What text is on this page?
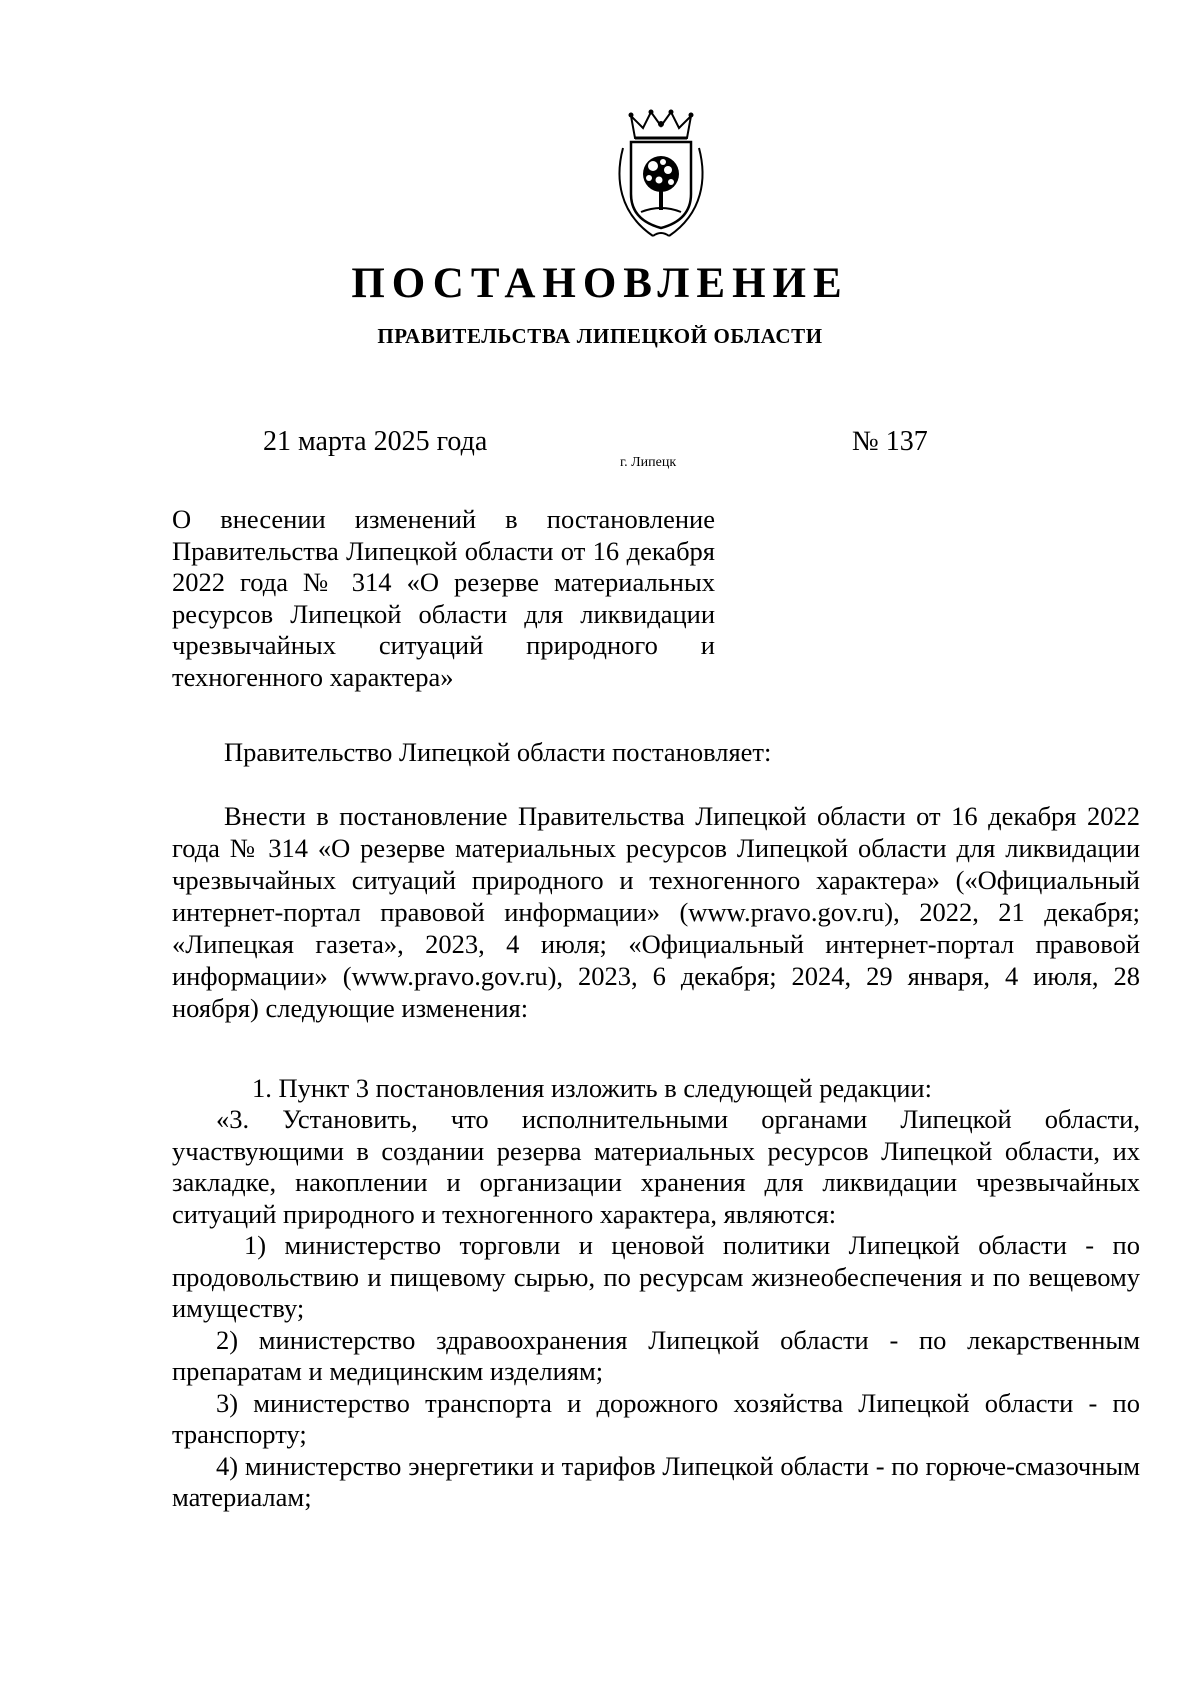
ПОСТАНОВЛЕНИЕ
ПРАВИТЕЛЬСТВА ЛИПЕЦКОЙ ОБЛАСТИ
21 марта 2025 года
г. Липецк
№ 137
О внесении изменений в постановление Правительства Липецкой области от 16 декабря 2022 года № 314 «О резерве материальных ресурсов Липецкой области для ликвидации чрезвычайных ситуаций природного и техногенного характера»

Правительство Липецкой области постановляет:

Внести в постановление Правительства Липецкой области от 16 декабря 2022 года № 314 «О резерве материальных ресурсов Липецкой области для ликвидации чрезвычайных ситуаций природного и техногенного характера» («Официальный интернет-портал правовой информации» (www.pravo.gov.ru), 2022, 21 декабря; «Липецкая газета», 2023, 4 июля; «Официальный интернет-портал правовой информации» (www.pravo.gov.ru), 2023, 6 декабря; 2024, 29 января, 4 июля, 28 ноября) следующие изменения:

1. Пункт 3 постановления изложить в следующей редакции:

«3. Установить, что исполнительными органами Липецкой области, участвующими в создании резерва материальных ресурсов Липецкой области, их закладке, накоплении и организации хранения для ликвидации чрезвычайных ситуаций природного и техногенного характера, являются:

1) министерство торговли и ценовой политики Липецкой области - по продовольствию и пищевому сырью, по ресурсам жизнеобеспечения и по вещевому имуществу;

2) министерство здравоохранения Липецкой области - по лекарственным препаратам и медицинским изделиям;

3) министерство транспорта и дорожного хозяйства Липецкой области - по транспорту;

4) министерство энергетики и тарифов Липецкой области - по горюче-смазочным материалам;
